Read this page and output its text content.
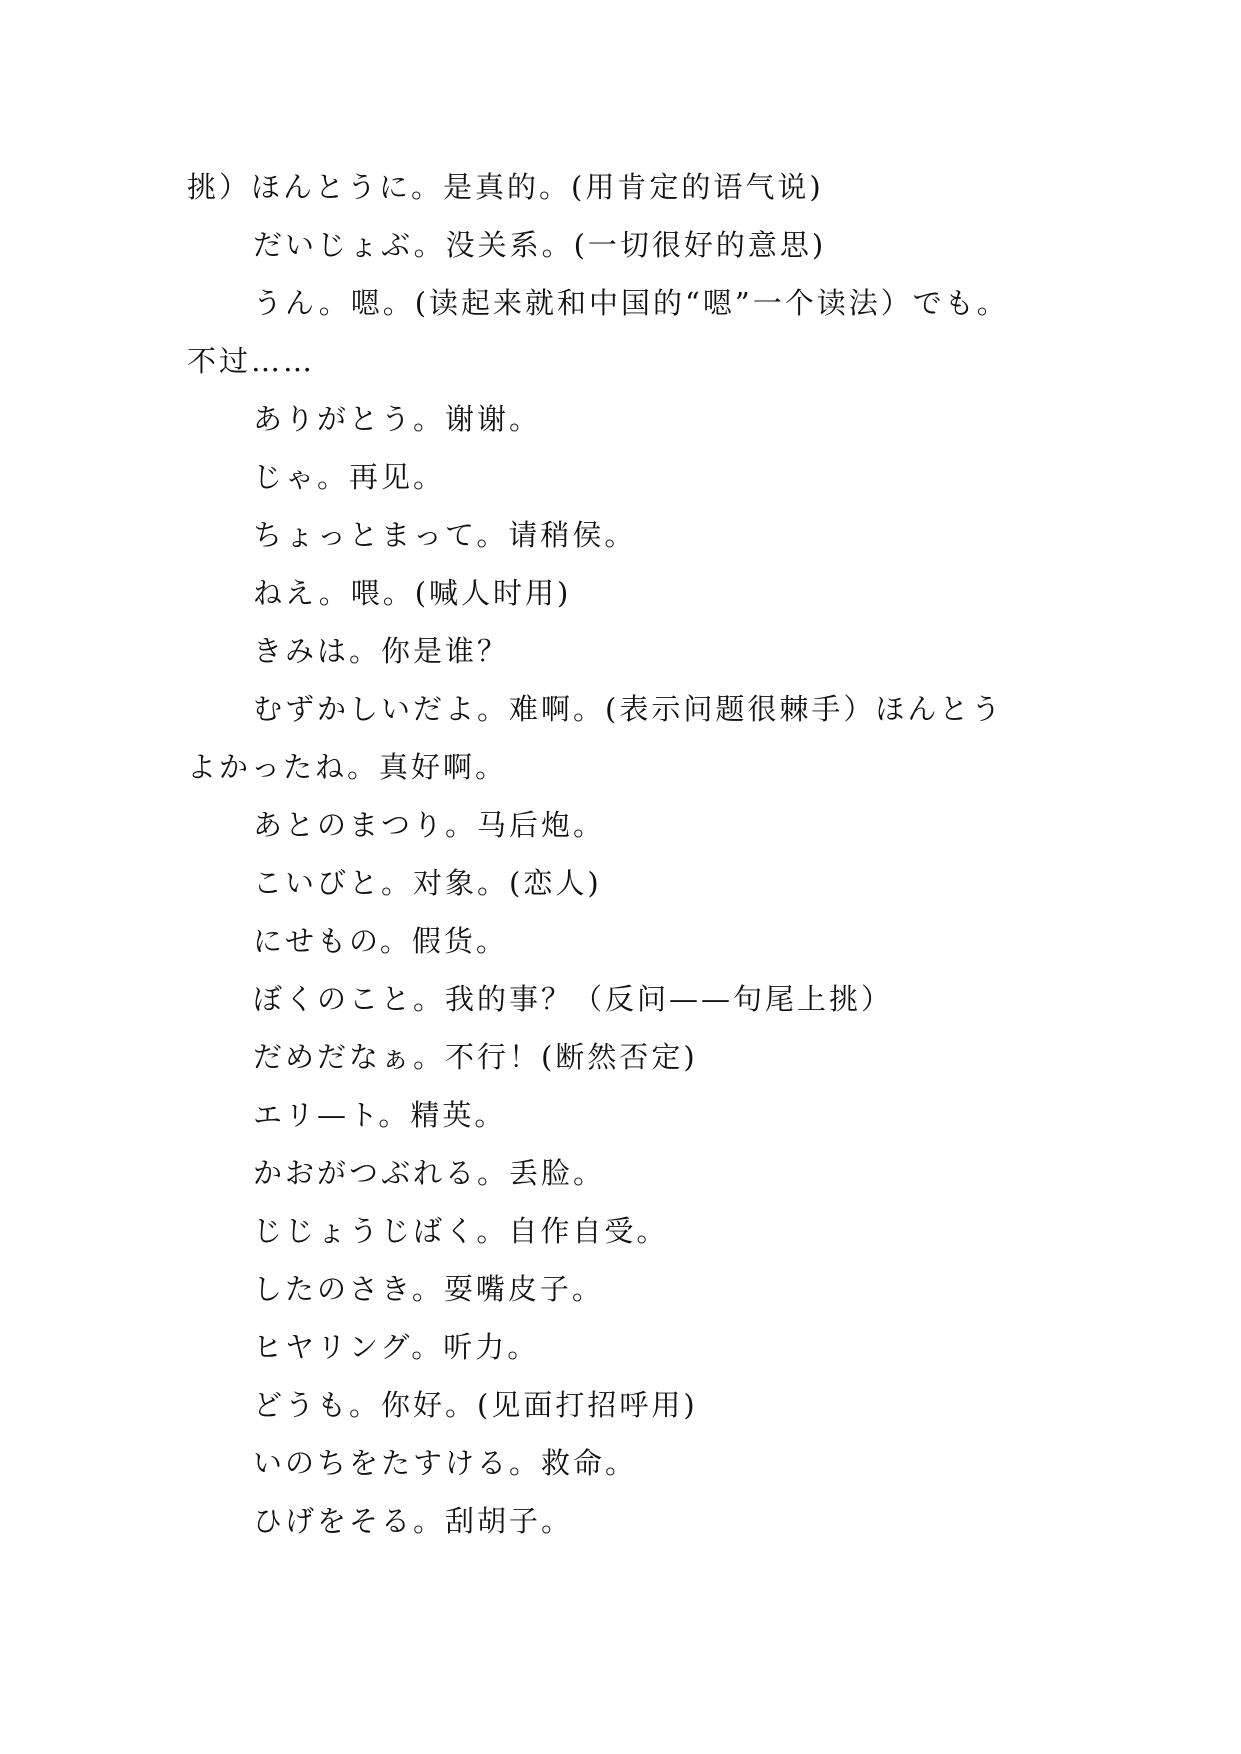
挑）ほんとうに。是真的。(用肯定的语气说)
だいじょぶ。没关系。(一切很好的意思)
うん。嗯。(读起来就和中国的“嗯”一个读法）でも。
不过……
ありがとう。谢谢。
じゃ。再见。
ちょっとまって。请稍侯。
ねえ。喂。(喊人时用)
きみは。你是谁？
むずかしいだよ。难啊。(表示问题很棘手）ほんとう
よかったね。真好啊。
あとのまつり。马后炮。
こいびと。对象。(恋人)
にせもの。假货。
ぼくのこと。我的事？（反问——句尾上挑）
だめだなぁ。不行！(断然否定)
エリ—ト。精英。
かおがつぶれる。丢脸。
じじょうじばく。自作自受。
したのさき。耍嘴皮子。
ヒヤリング。听力。
どうも。你好。(见面打招呼用)
いのちをたすける。救命。
ひげをそる。刮胡子。
